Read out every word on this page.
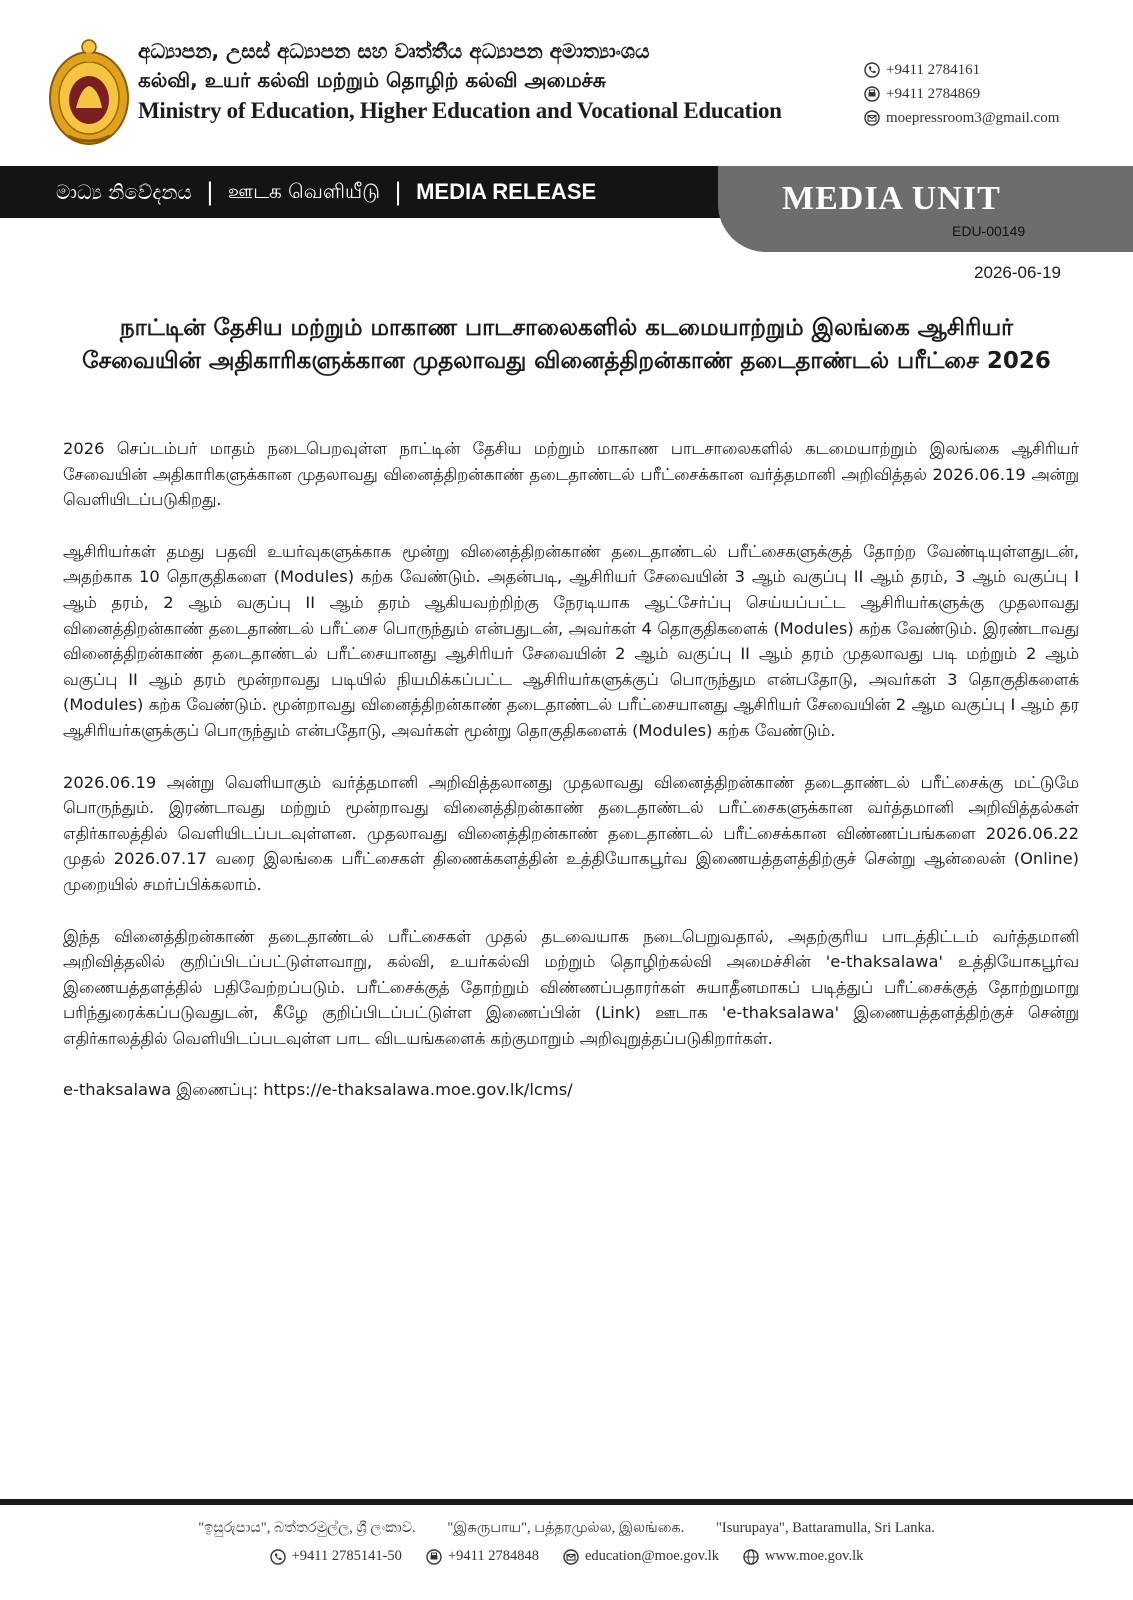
අධ්‍යාපන, උසස් අධ්‍යාපන සහ වෘත්තීය අධ්‍යාපන අමාත්‍යාංශය
கல்வி, உயர் கல்வி மற்றும் தொழிற் கல்வி அமைச்சு
Ministry of Education, Higher Education and Vocational Education
+9411 2784161
+9411 2784869
moepressroom3@gmail.com
මාධ්‍ය නිවේදනය | ஊடக வெளியீடு | MEDIA RELEASE	MEDIA UNIT
EDU-00149
2026-06-19
நாட்டின் தேசிய மற்றும் மாகாண பாடசாலைகளில் கடமையாற்றும் இலங்கை ஆசிரியர் சேவையின் அதிகாரிகளுக்கான முதலாவது வினைத்திறன்காண் தடைதாண்டல் பரீட்சை 2026

2026 செப்டம்பர் மாதம் நடைபெறவுள்ள நாட்டின் தேசிய மற்றும் மாகாண பாடசாலைகளில் கடமையாற்றும் இலங்கை ஆசிரியர் சேவையின் அதிகாரிகளுக்கான முதலாவது வினைத்திறன்காண் தடைதாண்டல் பரீட்சைக்கான வர்த்தமானி அறிவித்தல் 2026.06.19 அன்று வெளியிடப்படுகிறது.

ஆசிரியர்கள் தமது பதவி உயர்வுகளுக்காக மூன்று வினைத்திறன்காண் தடைதாண்டல் பரீட்சைகளுக்குத் தோற்ற வேண்டியுள்ளதுடன், அதற்காக 10 தொகுதிகளை (Modules) கற்க வேண்டும். அதன்படி, ஆசிரியர் சேவையின் 3 ஆம் வகுப்பு II ஆம் தரம், 3 ஆம் வகுப்பு I ஆம் தரம், 2 ஆம் வகுப்பு II ஆம் தரம் ஆகியவற்றிற்கு நேரடியாக ஆட்சேர்ப்பு செய்யப்பட்ட ஆசிரியர்களுக்கு முதலாவது வினைத்திறன்காண் தடைதாண்டல் பரீட்சை பொருந்தும் என்பதுடன், அவர்கள் 4 தொகுதிகளைக் (Modules) கற்க வேண்டும். இரண்டாவது வினைத்திறன்காண் தடைதாண்டல் பரீட்சையானது ஆசிரியர் சேவையின் 2 ஆம் வகுப்பு II ஆம் தரம் முதலாவது படி மற்றும் 2 ஆம் வகுப்பு II ஆம் தரம் மூன்றாவது படியில் நியமிக்கப்பட்ட ஆசிரியர்களுக்குப் பொருந்தும என்பதோடு, அவர்கள் 3 தொகுதிகளைக் (Modules) கற்க வேண்டும். மூன்றாவது வினைத்திறன்காண் தடைதாண்டல் பரீட்சையானது ஆசிரியர் சேவையின் 2 ஆம வகுப்பு I ஆம் தர ஆசிரியர்களுக்குப் பொருந்தும் என்பதோடு, அவர்கள் மூன்று தொகுதிகளைக் (Modules) கற்க வேண்டும்.

2026.06.19 அன்று வெளியாகும் வர்த்தமானி அறிவித்தலானது முதலாவது வினைத்திறன்காண் தடைதாண்டல் பரீட்சைக்கு மட்டுமே பொருந்தும். இரண்டாவது மற்றும் மூன்றாவது வினைத்திறன்காண் தடைதாண்டல் பரீட்சைகளுக்கான வர்த்தமானி அறிவித்தல்கள் எதிர்காலத்தில் வெளியிடப்படவுள்ளன. முதலாவது வினைத்திறன்காண் தடைதாண்டல் பரீட்சைக்கான விண்ணப்பங்களை 2026.06.22 முதல் 2026.07.17 வரை இலங்கை பரீட்சைகள் திணைக்களத்தின் உத்தியோகபூர்வ இணையத்தளத்திற்குச் சென்று ஆன்லைன் (Online) முறையில் சமர்ப்பிக்கலாம்.

இந்த வினைத்திறன்காண் தடைதாண்டல் பரீட்சைகள் முதல் தடவையாக நடைபெறுவதால், அதற்குரிய பாடத்திட்டம் வர்த்தமானி அறிவித்தலில் குறிப்பிடப்பட்டுள்ளவாறு, கல்வி, உயர்கல்வி மற்றும் தொழிற்கல்வி அமைச்சின் 'e-thaksalawa' உத்தியோகபூர்வ இணையத்தளத்தில் பதிவேற்றப்படும். பரீட்சைக்குத் தோற்றும் விண்ணப்பதாரர்கள் சுயாதீனமாகப் படித்துப் பரீட்சைக்குத் தோற்றுமாறு பரிந்துரைக்கப்படுவதுடன், கீழே குறிப்பிடப்பட்டுள்ள இணைப்பின் (Link) ஊடாக 'e-thaksalawa' இணையத்தளத்திற்குச் சென்று எதிர்காலத்தில் வெளியிடப்படவுள்ள பாட விடயங்களைக் கற்குமாறும் அறிவுறுத்தப்படுகிறார்கள்.

e-thaksalawa இணைப்பு: https://e-thaksalawa.moe.gov.lk/lcms/

"ඉසුරුපාය", බත්තරමුල්ල, ශ්‍රී ලංකාව. "இசுருபாய", பத்தரமுல்ல, இலங்கை. "Isurupaya", Battaramulla, Sri Lanka.
+9411 2785141-50	+9411 2784848	education@moe.gov.lk	www.moe.gov.lk
